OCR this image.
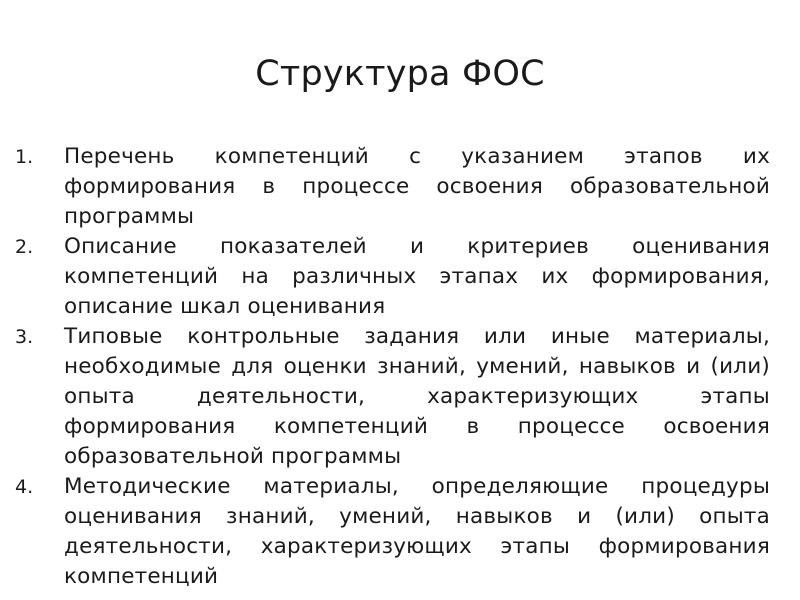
Структура ФОС
1.	Перечень компетенций с указанием этапов их формирования в процессе освоения образовательной программы
2.	Описание показателей и критериев оценивания компетенций на различных этапах их формирования, описание шкал оценивания
3.	Типовые контрольные задания или иные материалы, необходимые для оценки знаний, умений, навыков и (или) опыта деятельности, характеризующих этапы формирования компетенций в процессе освоения образовательной программы
4.	Методические материалы, определяющие процедуры оценивания знаний, умений, навыков и (или) опыта деятельности, характеризующих этапы формирования компетенций
